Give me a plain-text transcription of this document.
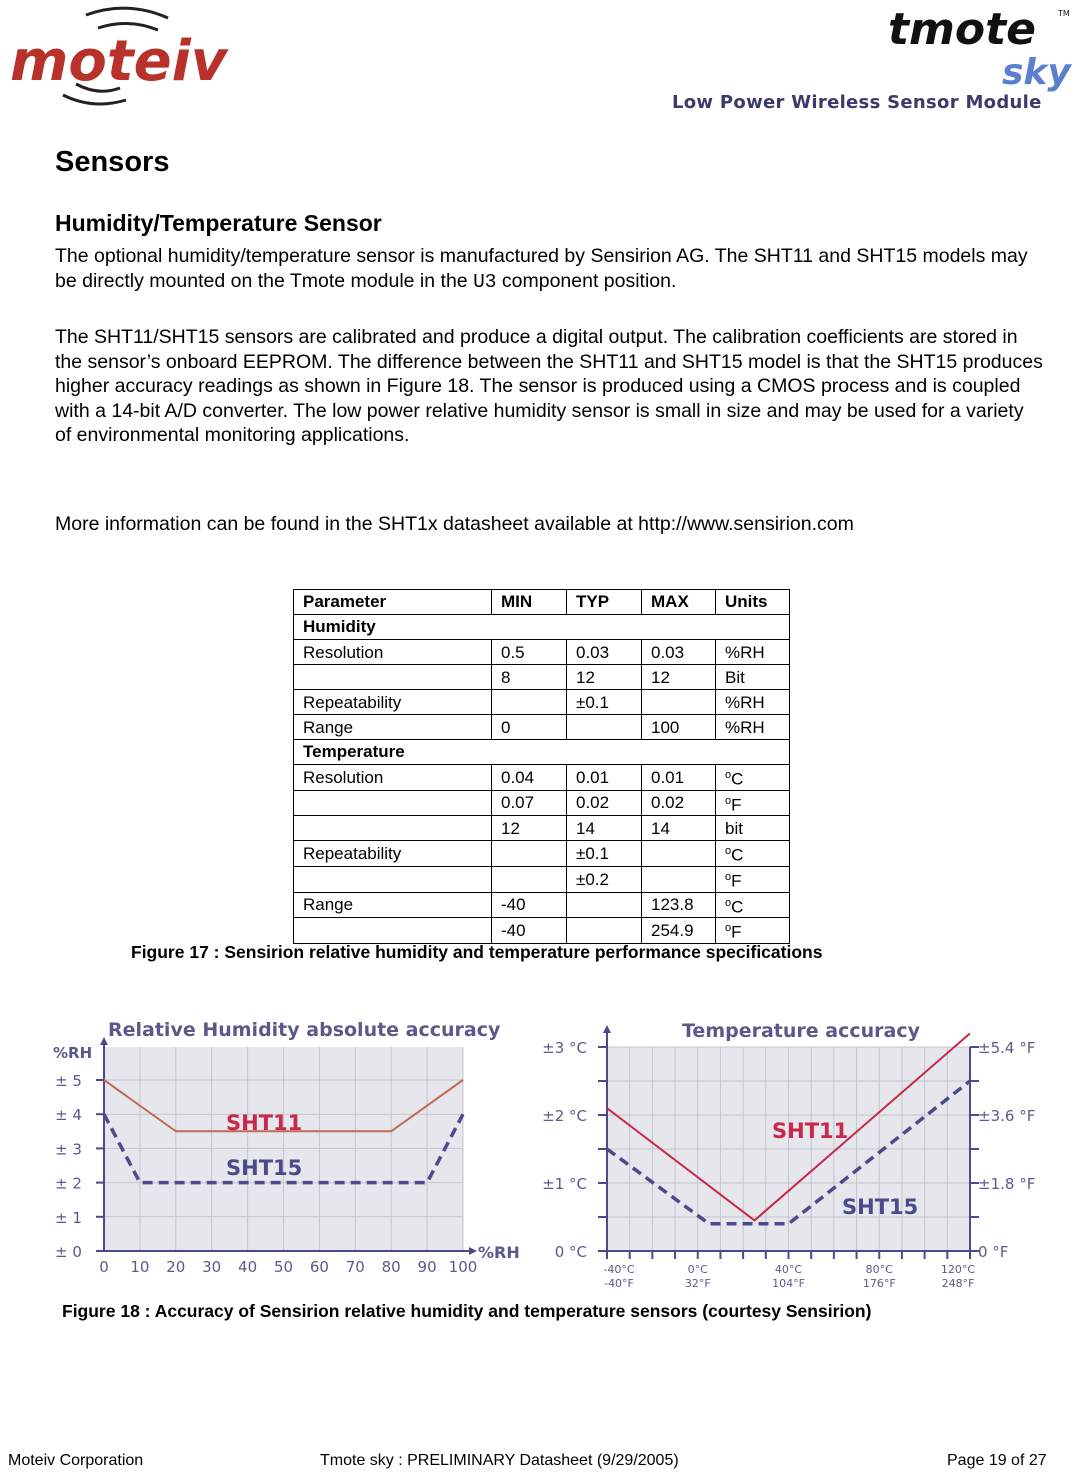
moteiv	tmote	TM
sky
Low Power Wireless Sensor Module
Sensors
Humidity/Temperature Sensor
The optional humidity/temperature sensor is manufactured by Sensirion AG. The SHT11 and SHT15 models may be directly mounted on the Tmote module in the U3 component position.
The SHT11/SHT15 sensors are calibrated and produce a digital output. The calibration coefficients are stored in the sensor’s onboard EEPROM. The difference between the SHT11 and SHT15 model is that the SHT15 produces higher accuracy readings as shown in Figure 18. The sensor is produced using a CMOS process and is coupled with a 14-bit A/D converter. The low power relative humidity sensor is small in size and may be used for a variety of environmental monitoring applications.
More information can be found in the SHT1x datasheet available at http://www.sensirion.com
Parameter	MIN	TYP	MAX	Units
Humidity				
Resolution	0.5	0.03	0.03	%RH
	8	12	12	Bit
Repeatability		±0.1		%RH
Range	0		100	%RH
Temperature				
Resolution	0.04	0.01	0.01	$^o$C
	0.07	0.02	0.02	$^o$F
	12	14	14	bit
Repeatability		±0.1		$^o$C
		±0.2		$^o$F
Range	-40		123.8	$^o$C
	-40		254.9	$^o$F
Figure 17 : Sensirion relative humidity and temperature performance specifications
± 0
± 1
± 2
± 3
± 4
± 5
0 10 20 30 40 50 60 70 80 90 100
Relative Humidity absolute accuracy
%RH
%RH
SHT11
SHT15
0 °C
±1 °C
±2 °C
±3 °C
0 °F
±1.8 °F
±3.6 °F
±5.4 °F
-40°C	0°C	40°C	80°C	120°C
-40°F	32°F	104°F	176°F	248°F
Temperature accuracy
SHT11
SHT15
Figure 18 : Accuracy of Sensirion relative humidity and temperature sensors (courtesy Sensirion)
Moteiv Corporation	Tmote sky : PRELIMINARY Datasheet (9/29/2005)	Page 19 of 27
